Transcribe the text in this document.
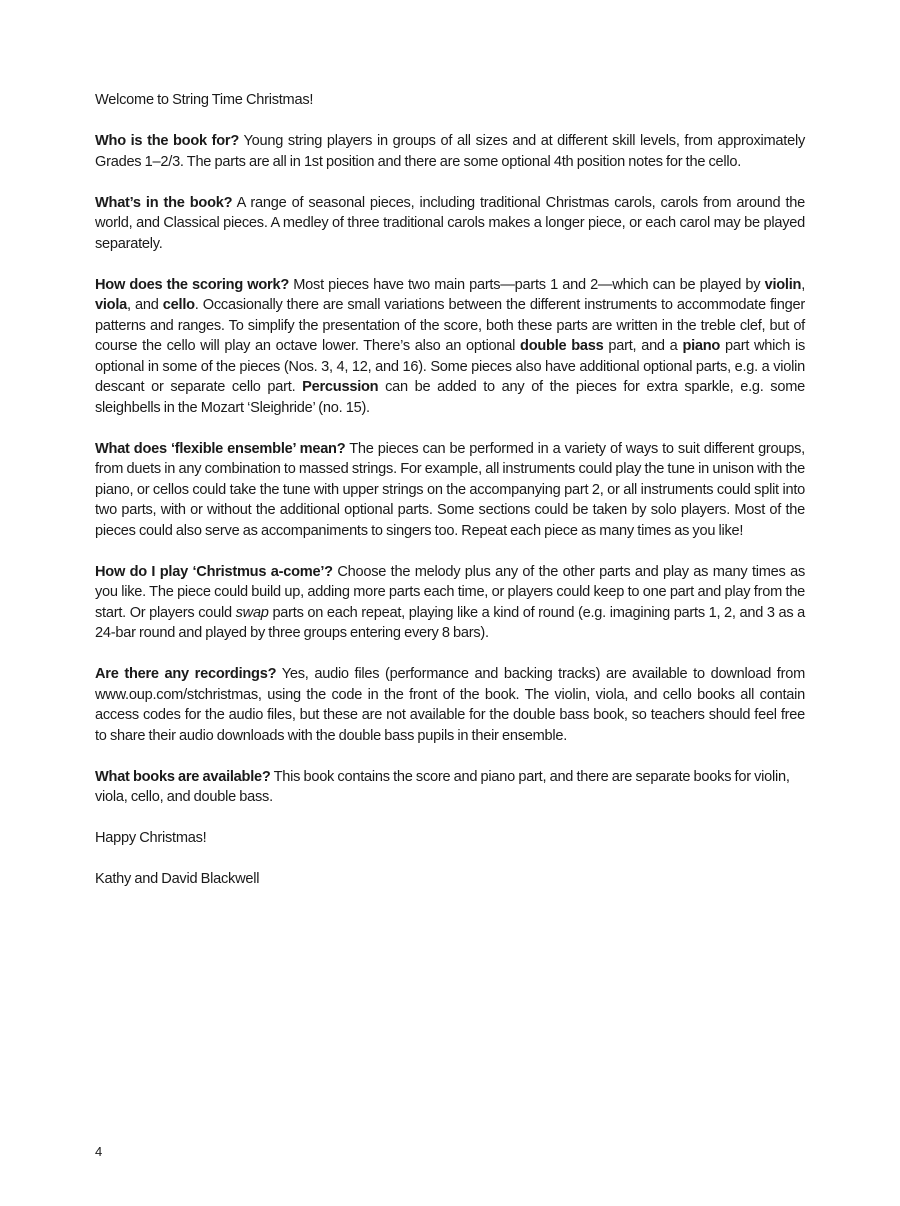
Welcome to String Time Christmas!

Who is the book for? Young string players in groups of all sizes and at different skill levels, from approximately Grades 1–2/3. The parts are all in 1st position and there are some optional 4th position notes for the cello.

What’s in the book? A range of seasonal pieces, including traditional Christmas carols, carols from around the world, and Classical pieces. A medley of three traditional carols makes a longer piece, or each carol may be played separately.

How does the scoring work? Most pieces have two main parts—parts 1 and 2—which can be played by violin, viola, and cello. Occasionally there are small variations between the different instruments to accommodate finger patterns and ranges. To simplify the presentation of the score, both these parts are written in the treble clef, but of course the cello will play an octave lower. There’s also an optional double bass part, and a piano part which is optional in some of the pieces (Nos. 3, 4, 12, and 16). Some pieces also have additional optional parts, e.g. a violin descant or separate cello part. Percussion can be added to any of the pieces for extra sparkle, e.g. some sleighbells in the Mozart ‘Sleighride’ (no. 15).

What does ‘flexible ensemble’ mean? The pieces can be performed in a variety of ways to suit different groups, from duets in any combination to massed strings. For example, all instruments could play the tune in unison with the piano, or cellos could take the tune with upper strings on the accompanying part 2, or all instruments could split into two parts, with or without the additional optional parts. Some sections could be taken by solo players. Most of the pieces could also serve as accompaniments to singers too. Repeat each piece as many times as you like!

How do I play ‘Christmus a-come’? Choose the melody plus any of the other parts and play as many times as you like. The piece could build up, adding more parts each time, or players could keep to one part and play from the start. Or players could swap parts on each repeat, playing like a kind of round (e.g. imagining parts 1, 2, and 3 as a 24-bar round and played by three groups entering every 8 bars).

Are there any recordings? Yes, audio files (performance and backing tracks) are available to download from www.oup.com/stchristmas, using the code in the front of the book. The violin, viola, and cello books all contain access codes for the audio files, but these are not available for the double bass book, so teachers should feel free to share their audio downloads with the double bass pupils in their ensemble.

What books are available? This book contains the score and piano part, and there are separate books for violin, viola, cello, and double bass.

Happy Christmas!

Kathy and David Blackwell

4
